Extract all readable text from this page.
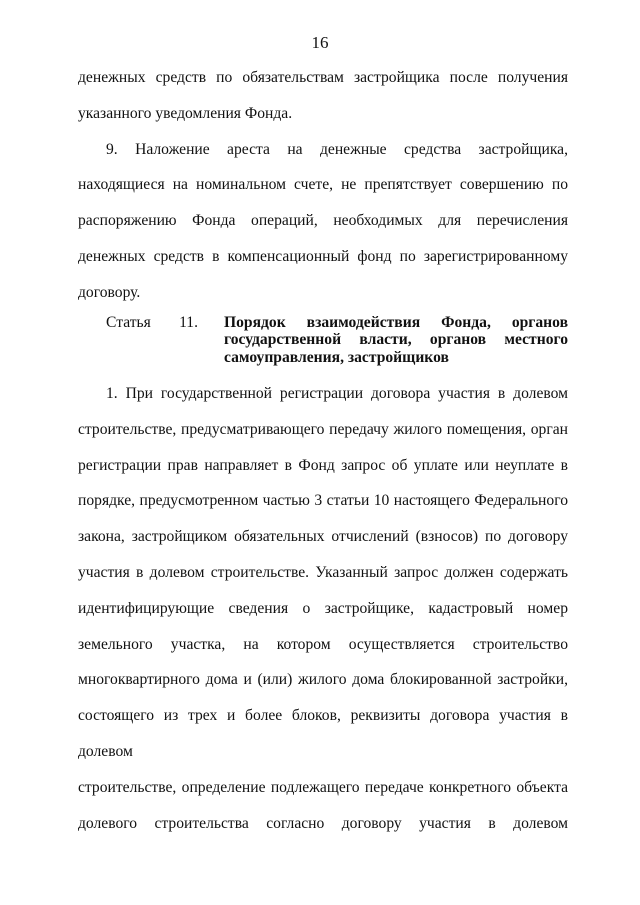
16

денежных средств по обязательствам застройщика после получения

указанного уведомления Фонда.

9. Наложение ареста на денежные средства застройщика,

находящиеся на номинальном счете, не препятствует совершению по

распоряжению Фонда операций, необходимых для перечисления

денежных средств в компенсационный фонд по зарегистрированному

договору.

Статья 11. Порядок взаимодействия Фонда, органов
государственной власти, органов местного
самоуправления, застройщиков

1. При государственной регистрации договора участия в долевом

строительстве, предусматривающего передачу жилого помещения, орган

регистрации прав направляет в Фонд запрос об уплате или неуплате в

порядке, предусмотренном частью 3 статьи 10 настоящего Федерального

закона, застройщиком обязательных отчислений (взносов) по договору

участия в долевом строительстве. Указанный запрос должен содержать

идентифицирующие сведения о застройщике, кадастровый номер

земельного участка, на котором осуществляется строительство

многоквартирного дома и (или) жилого дома блокированной застройки,

состоящего из трех и более блоков, реквизиты договора участия в долевом

строительстве, определение подлежащего передаче конкретного объекта

долевого строительства согласно договору участия в долевом
